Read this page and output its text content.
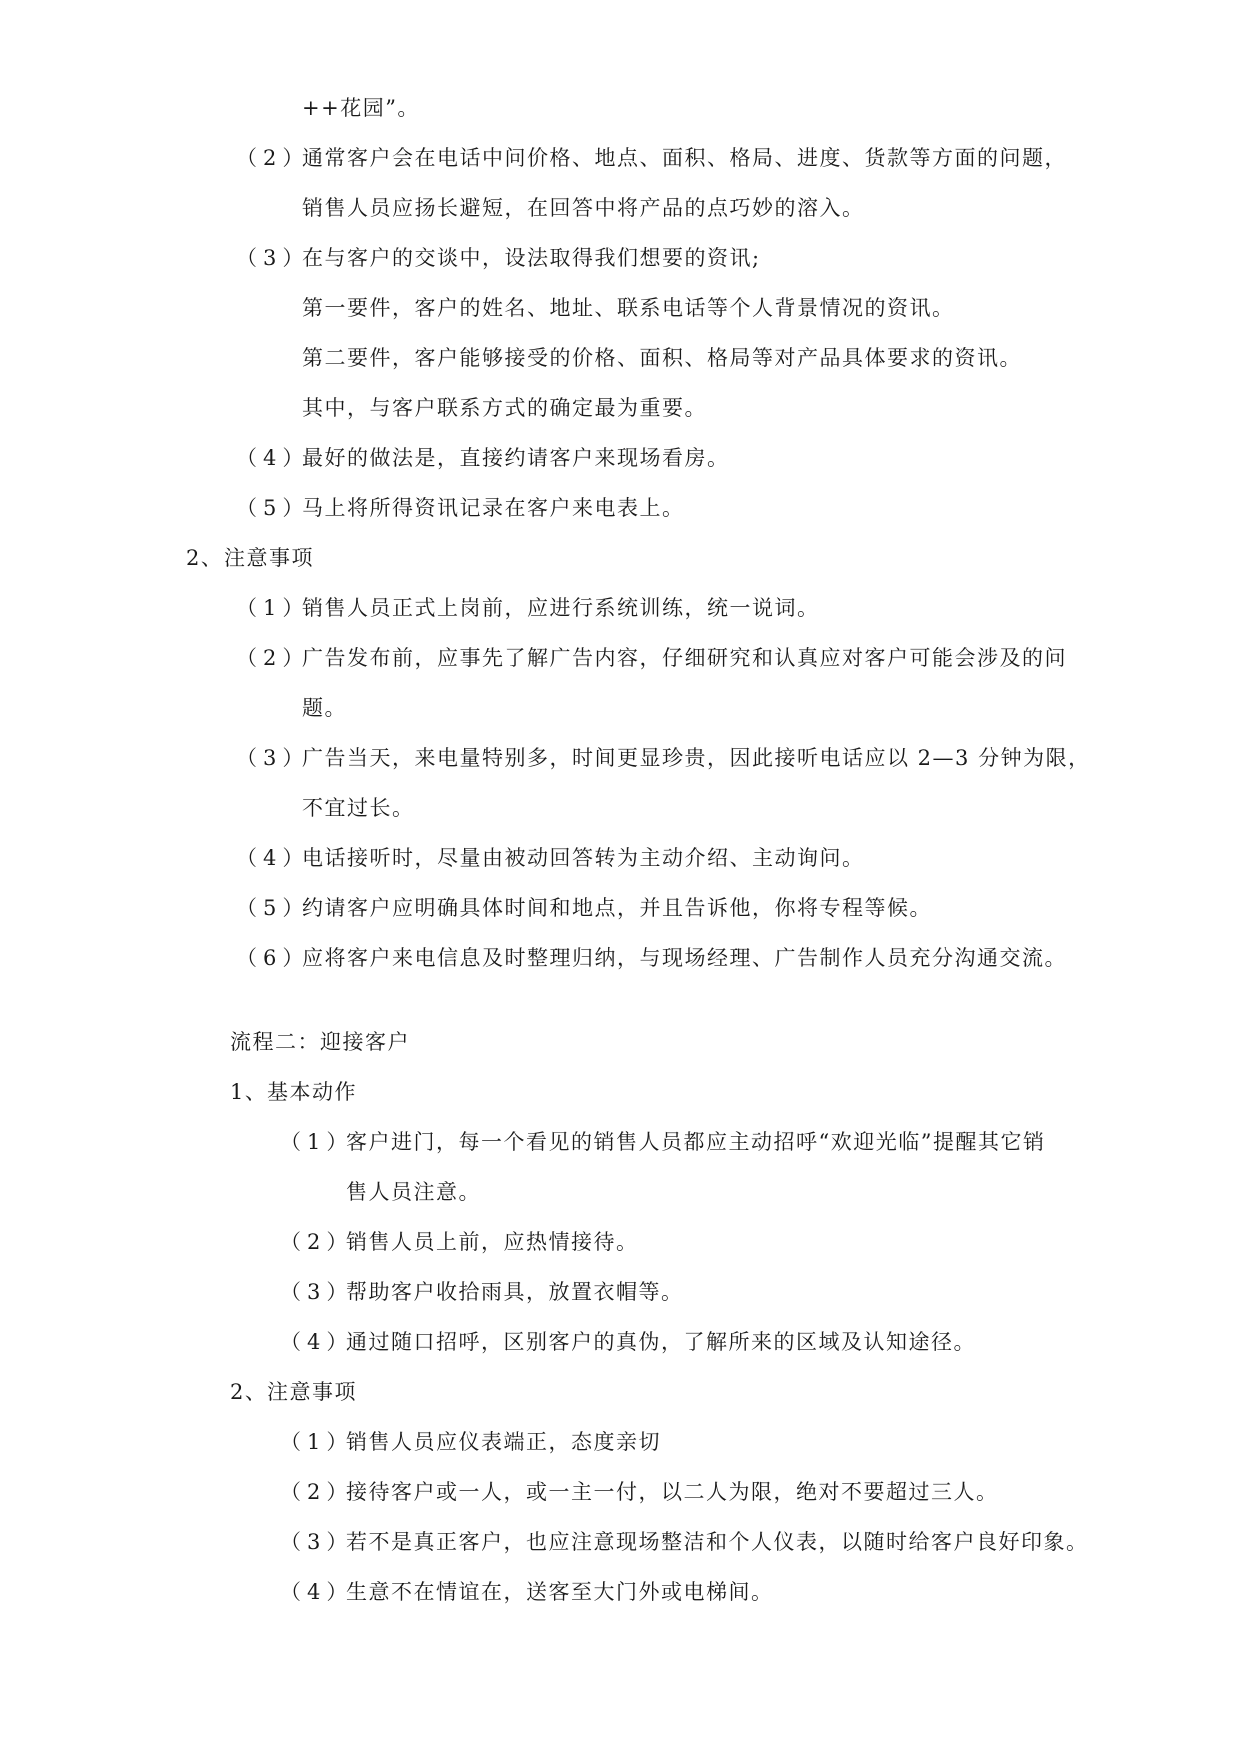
++花园”。
（2）
通常客户会在电话中问价格、地点、面积、格局、进度、货款等方面的问题，
销售人员应扬长避短，在回答中将产品的点巧妙的溶入。
（3）
在与客户的交谈中，设法取得我们想要的资讯;
第一要件，客户的姓名、地址、联系电话等个人背景情况的资讯。
第二要件，客户能够接受的价格、面积、格局等对产品具体要求的资讯。
其中，与客户联系方式的确定最为重要。
（4）
最好的做法是，直接约请客户来现场看房。
（5）
马上将所得资讯记录在客户来电表上。
2、 注意事项
（1）
销售人员正式上岗前，应进行系统训练，统一说词。
（2）
广告发布前，应事先了解广告内容，仔细研究和认真应对客户可能会涉及的问
题。
（3）
广告当天，来电量特别多，时间更显珍贵，因此接听电话应以 2—3 分钟为限，
不宜过长。
（4）
电话接听时，尽量由被动回答转为主动介绍、主动询问。
（5）
约请客户应明确具体时间和地点，并且告诉他，你将专程等候。
（6）
应将客户来电信息及时整理归纳，与现场经理、广告制作人员充分沟通交流。
流程二：迎接客户
1、 基本动作
（1）
客户进门，每一个看见的销售人员都应主动招呼“欢迎光临”提醒其它销
售人员注意。
（2）
销售人员上前，应热情接待。
（3）
帮助客户收拾雨具，放置衣帽等。
（4）
通过随口招呼，区别客户的真伪，了解所来的区域及认知途径。
2、 注意事项
（1）
销售人员应仪表端正，态度亲切
（2）
接待客户或一人，或一主一付，以二人为限，绝对不要超过三人。
（3）
若不是真正客户，也应注意现场整洁和个人仪表，以随时给客户良好印象。
（4）
生意不在情谊在，送客至大门外或电梯间。
